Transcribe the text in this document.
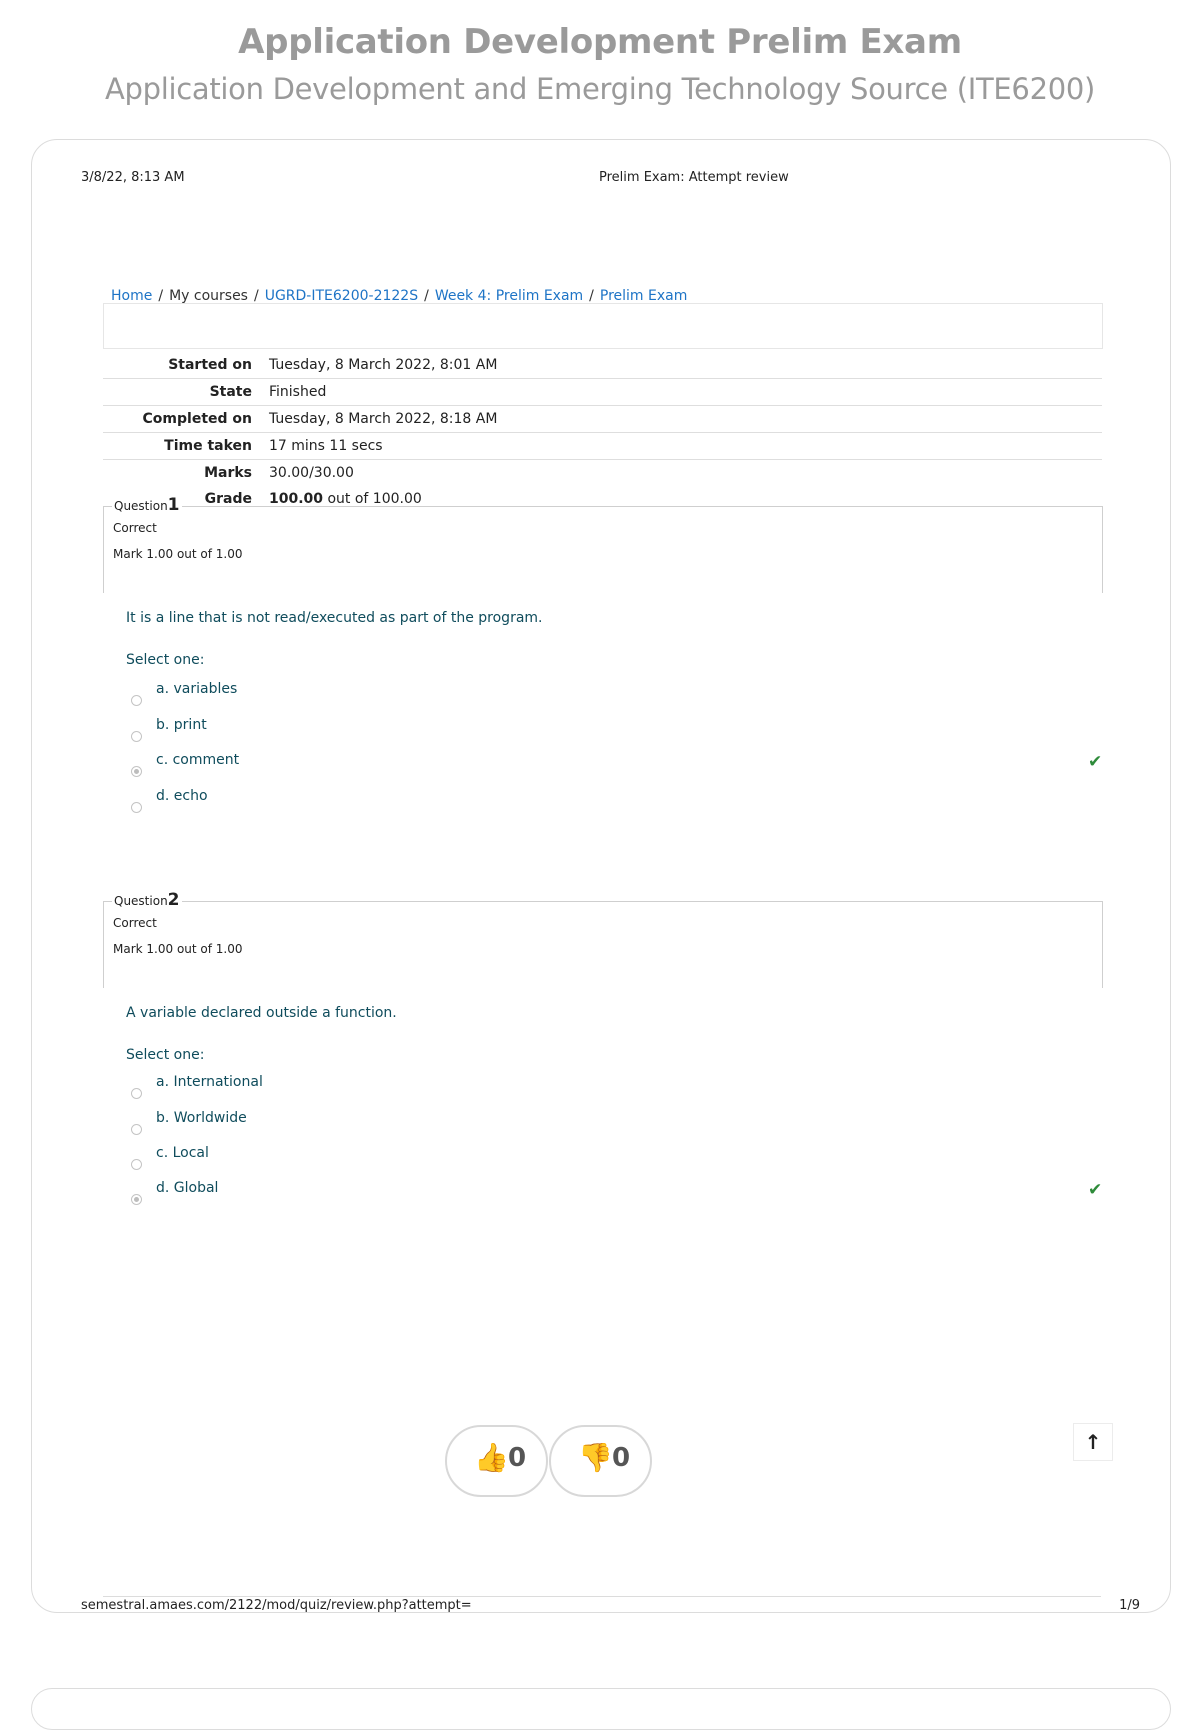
Application Development Prelim Exam
Application Development and Emerging Technology Source (ITE6200)
3/8/22, 8:13 AM	Prelim Exam: Attempt review
Home / My courses / UGRD-ITE6200-2122S / Week 4: Prelim Exam / Prelim Exam
Started on Tuesday, 8 March 2022, 8:01 AM
State Finished
Completed on Tuesday, 8 March 2022, 8:18 AM
Time taken 17 mins 11 secs
Marks 30.00/30.00
Grade 100.00 out of 100.00
Question1
Correct
Mark 1.00 out of 1.00
It is a line that is not read/executed as part of the program.
Select one:
a. variables
b. print
c. comment	✔
d. echo
Question2
Correct
Mark 1.00 out of 1.00
A variable declared outside a function.
Select one:
a. International
b. Worldwide
c. Local
d. Global	✔
semestral.amaes.com/2122/mod/quiz/review.php?attempt=	1/9
↑
👍 0 👎 0
